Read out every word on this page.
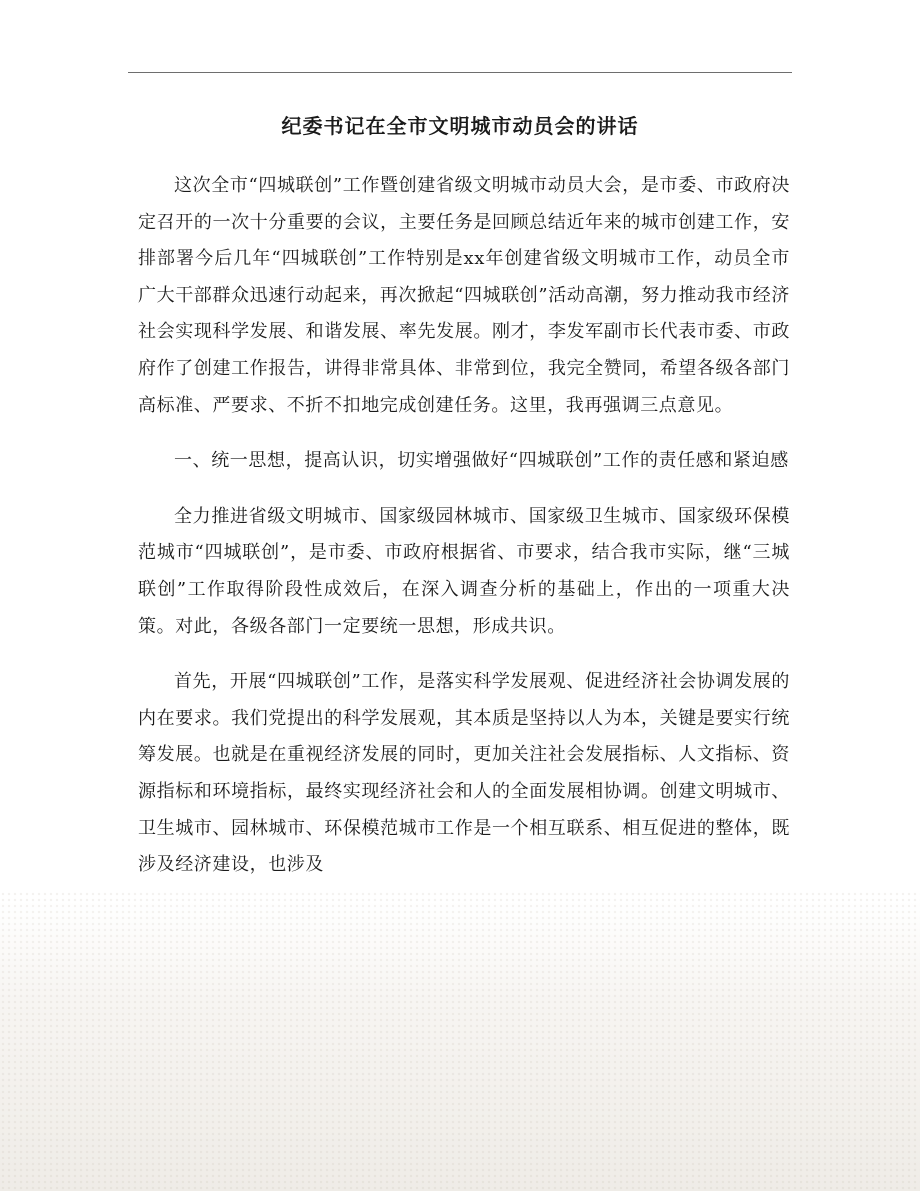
纪委书记在全市文明城市动员会的讲话

这次全市“四城联创”工作暨创建省级文明城市动员大会，是市委、市政府决定召开的一次十分重要的会议，主要任务是回顾总结近年来的城市创建工作，安排部署今后几年“四城联创”工作特别是xx年创建省级文明城市工作，动员全市广大干部群众迅速行动起来，再次掀起“四城联创”活动高潮，努力推动我市经济社会实现科学发展、和谐发展、率先发展。刚才，李发军副市长代表市委、市政府作了创建工作报告，讲得非常具体、非常到位，我完全赞同，希望各级各部门高标准、严要求、不折不扣地完成创建任务。这里，我再强调三点意见。

一、统一思想，提高认识，切实增强做好“四城联创”工作的责任感和紧迫感

全力推进省级文明城市、国家级园林城市、国家级卫生城市、国家级环保模范城市“四城联创”，是市委、市政府根据省、市要求，结合我市实际，继“三城联创”工作取得阶段性成效后，在深入调查分析的基础上，作出的一项重大决策。对此，各级各部门一定要统一思想，形成共识。

首先，开展“四城联创”工作，是落实科学发展观、促进经济社会协调发展的内在要求。我们党提出的科学发展观，其本质是坚持以人为本，关键是要实行统筹发展。也就是在重视经济发展的同时，更加关注社会发展指标、人文指标、资源指标和环境指标，最终实现经济社会和人的全面发展相协调。创建文明城市、卫生城市、园林城市、环保模范城市工作是一个相互联系、相互促进的整体，既涉及经济建设，也涉及
